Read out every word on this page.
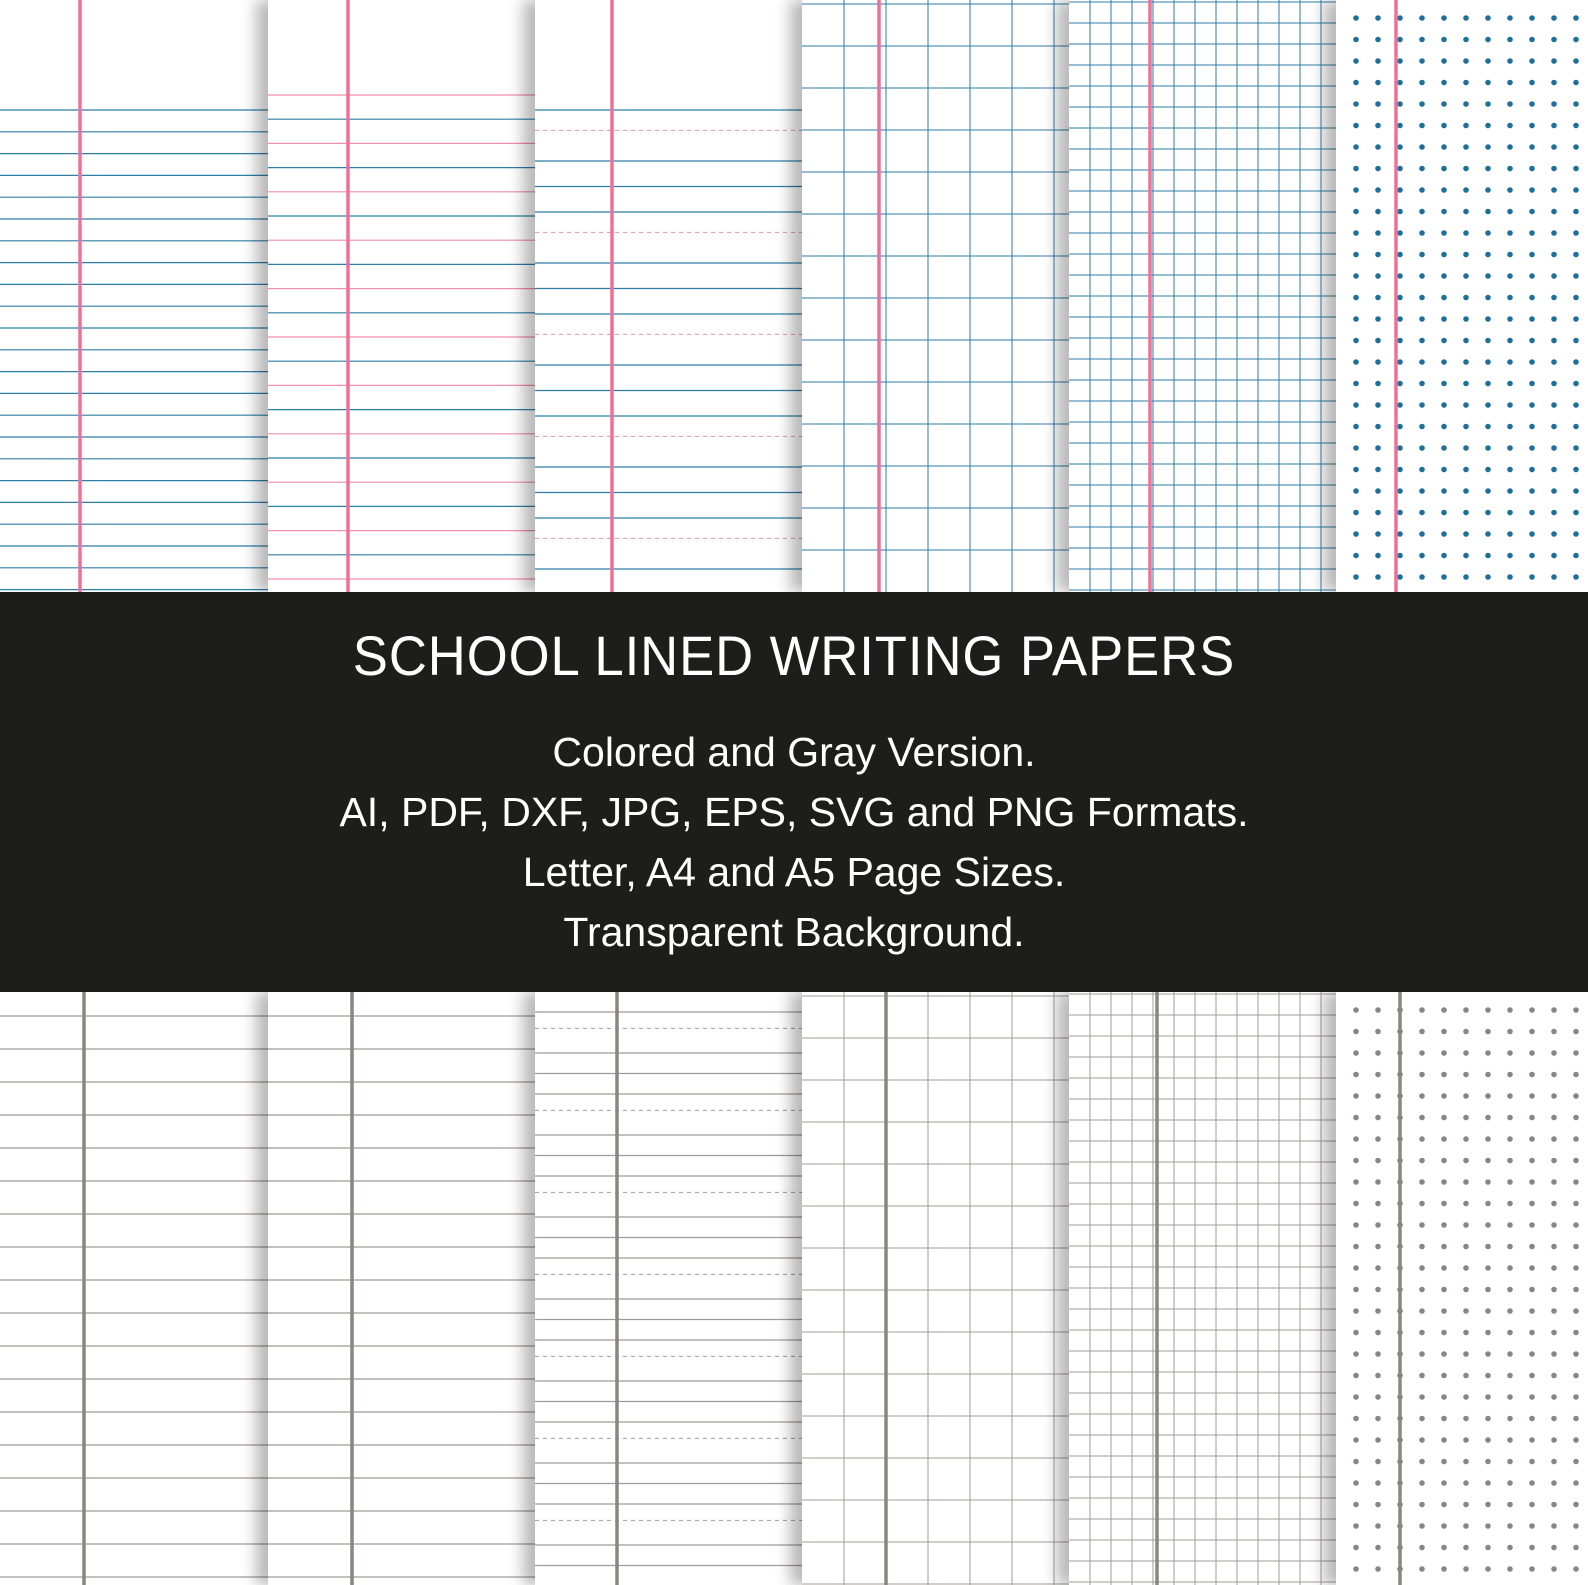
SCHOOL LINED WRITING PAPERS
Colored and Gray Version.
AI, PDF, DXF, JPG, EPS, SVG and PNG Formats.
Letter, A4 and A5 Page Sizes.
Transparent Background.
